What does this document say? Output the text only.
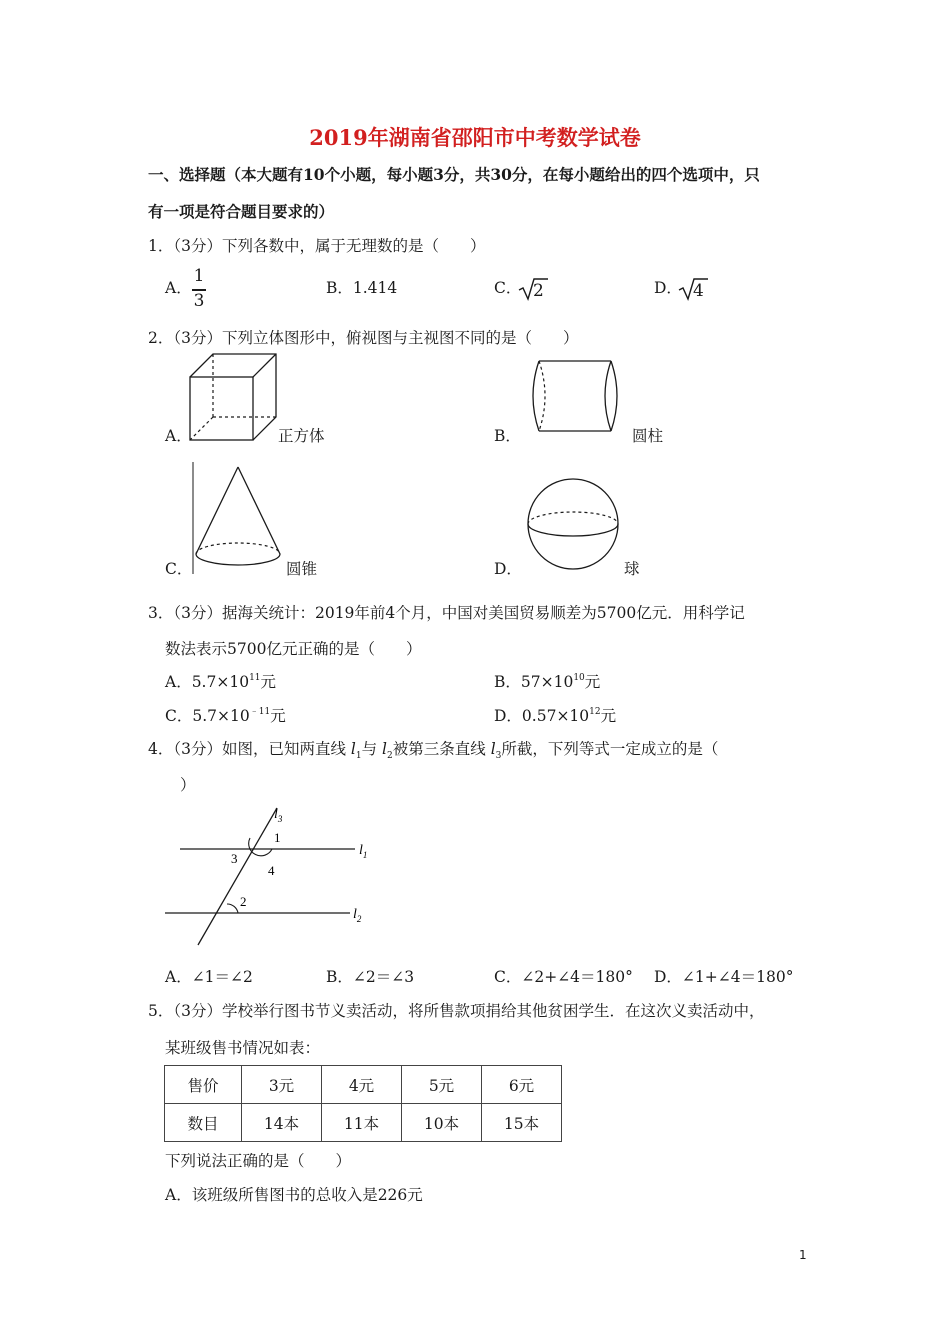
2019年湖南省邵阳市中考数学试卷
一、选择题（本大题有10个小题，每小题3分，共30分，在每小题给出的四个选项中，只
有一项是符合题目要求的）
1．（3分）下列各数中，属于无理数的是（　　）
A．
1
3
B．1.414	C． 2	D． 4
2．（3分）下列立体图形中，俯视图与主视图不同的是（　　）
A．	正方体	B．	圆柱
C．	圆锥	D．	球
3．（3分）据海关统计：2019年前4个月，中国对美国贸易顺差为5700亿元．用科学记
数法表示5700亿元正确的是（　　）
A．$5.7\times 10^{11}$元	B．$57\times 10^{10}$元
C．$5.7\times 10^{﹣11}$元	D．$0.57\times 10^{12}$元
4．（3分）如图，已知两直线 $l_1$与 $l_2$被第三条直线 $l_3$所截，下列等式一定成立的是（
）
$l_3$
$l_1$
$l_2$
1
3
4
2
A．∠1＝∠2	B．∠2＝∠3	C．∠2+∠4＝180° D．∠1+∠4＝180°
5．（3分）学校举行图书节义卖活动，将所售款项捐给其他贫困学生．在这次义卖活动中，
某班级售书情况如表：
售价	3元	4元	5元	6元
数目	14本	11本	10本	15本
下列说法正确的是（　　）
A．该班级所售图书的总收入是226元
1
